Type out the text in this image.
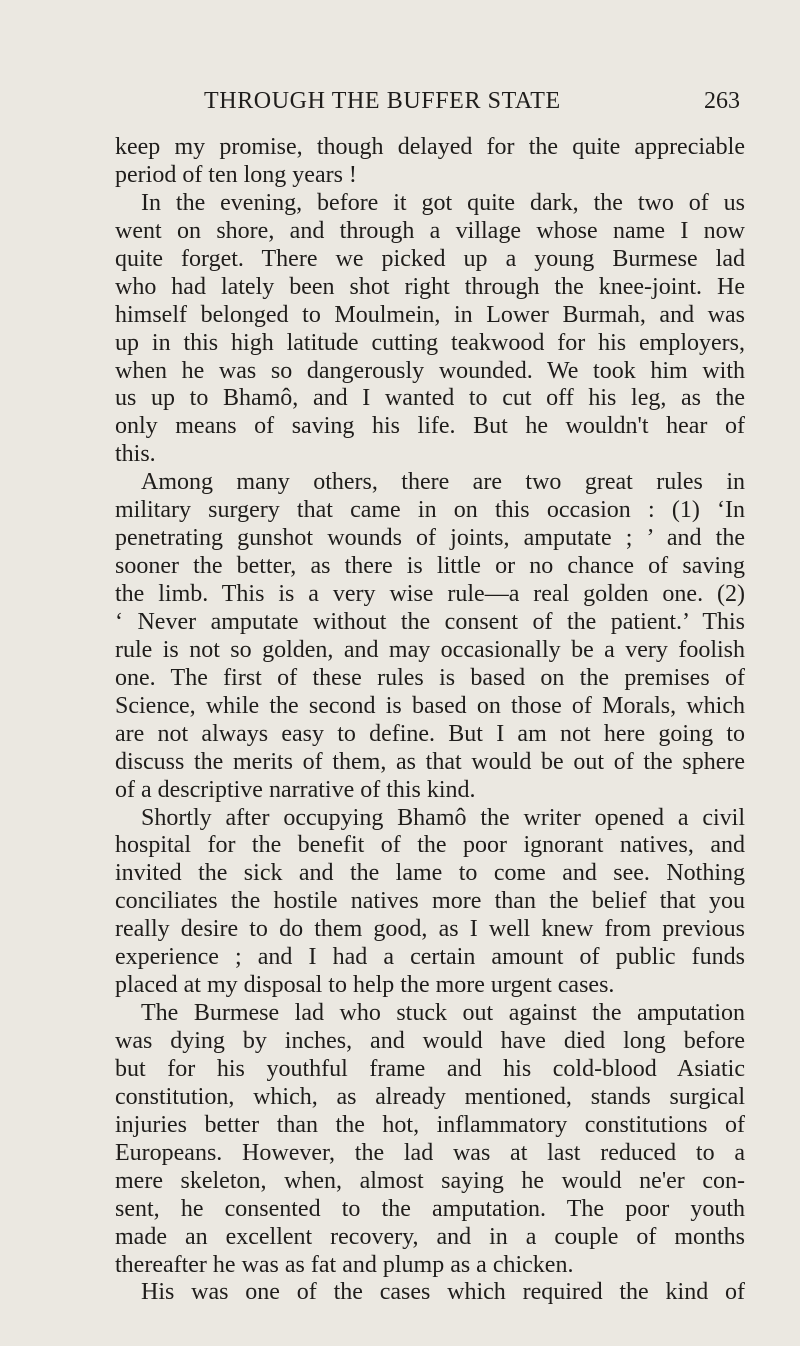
THROUGH THE BUFFER STATE	263
keep my promise, though delayed for the quite appreciable
period of ten long years !
In the evening, before it got quite dark, the two of us
went on shore, and through a village whose name I now
quite forget. There we picked up a young Burmese lad
who had lately been shot right through the knee-joint. He
himself belonged to Moulmein, in Lower Burmah, and was
up in this high latitude cutting teakwood for his employers,
when he was so dangerously wounded. We took him with
us up to Bhamô, and I wanted to cut off his leg, as the
only means of saving his life. But he wouldn't hear of
this.
Among many others, there are two great rules in
military surgery that came in on this occasion : (1) ‘In
penetrating gunshot wounds of joints, amputate ; ’ and the
sooner the better, as there is little or no chance of saving
the limb. This is a very wise rule—a real golden one. (2)
‘ Never amputate without the consent of the patient.’ This
rule is not so golden, and may occasionally be a very foolish
one. The first of these rules is based on the premises of
Science, while the second is based on those of Morals, which
are not always easy to define. But I am not here going to
discuss the merits of them, as that would be out of the sphere
of a descriptive narrative of this kind.
Shortly after occupying Bhamô the writer opened a civil
hospital for the benefit of the poor ignorant natives, and
invited the sick and the lame to come and see. Nothing
conciliates the hostile natives more than the belief that you
really desire to do them good, as I well knew from previous
experience ; and I had a certain amount of public funds
placed at my disposal to help the more urgent cases.
The Burmese lad who stuck out against the amputation
was dying by inches, and would have died long before
but for his youthful frame and his cold-blood Asiatic
constitution, which, as already mentioned, stands surgical
injuries better than the hot, inflammatory constitutions of
Europeans. However, the lad was at last reduced to a
mere skeleton, when, almost saying he would ne'er con-
sent, he consented to the amputation. The poor youth
made an excellent recovery, and in a couple of months
thereafter he was as fat and plump as a chicken.
His was one of the cases which required the kind of
